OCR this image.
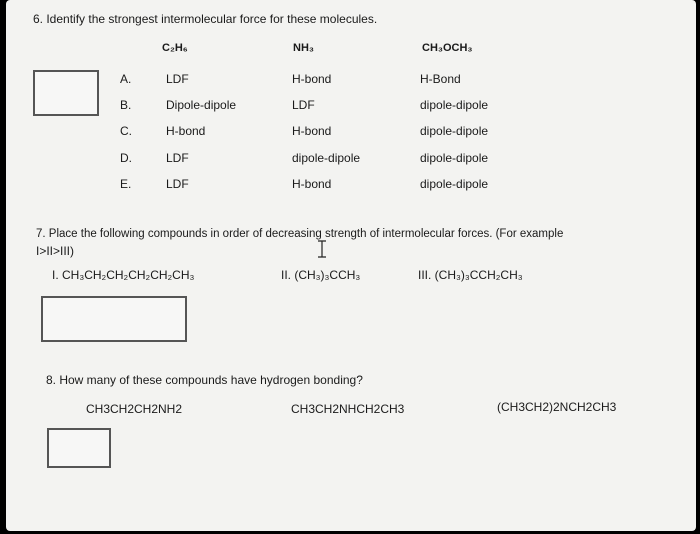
6. Identify the strongest intermolecular force for these molecules.
C₂H₆	NH₃	CH₃OCH₃
A.	LDF	H-bond	H-Bond
B.	Dipole-dipole	LDF	dipole-dipole
C.	H-bond	H-bond	dipole-dipole
D.	LDF	dipole-dipole	dipole-dipole
E.	LDF	H-bond	dipole-dipole
7. Place the following compounds in order of decreasing strength of intermolecular forces. (For example
I>II>III)
I. CH₃CH₂CH₂CH₂CH₂CH₃	II. (CH₃)₃CCH₃	III. (CH₃)₃CCH₂CH₃
8. How many of these compounds have hydrogen bonding?
CH3CH2CH2NH2	CH3CH2NHCH2CH3	(CH3CH2)2NCH2CH3
